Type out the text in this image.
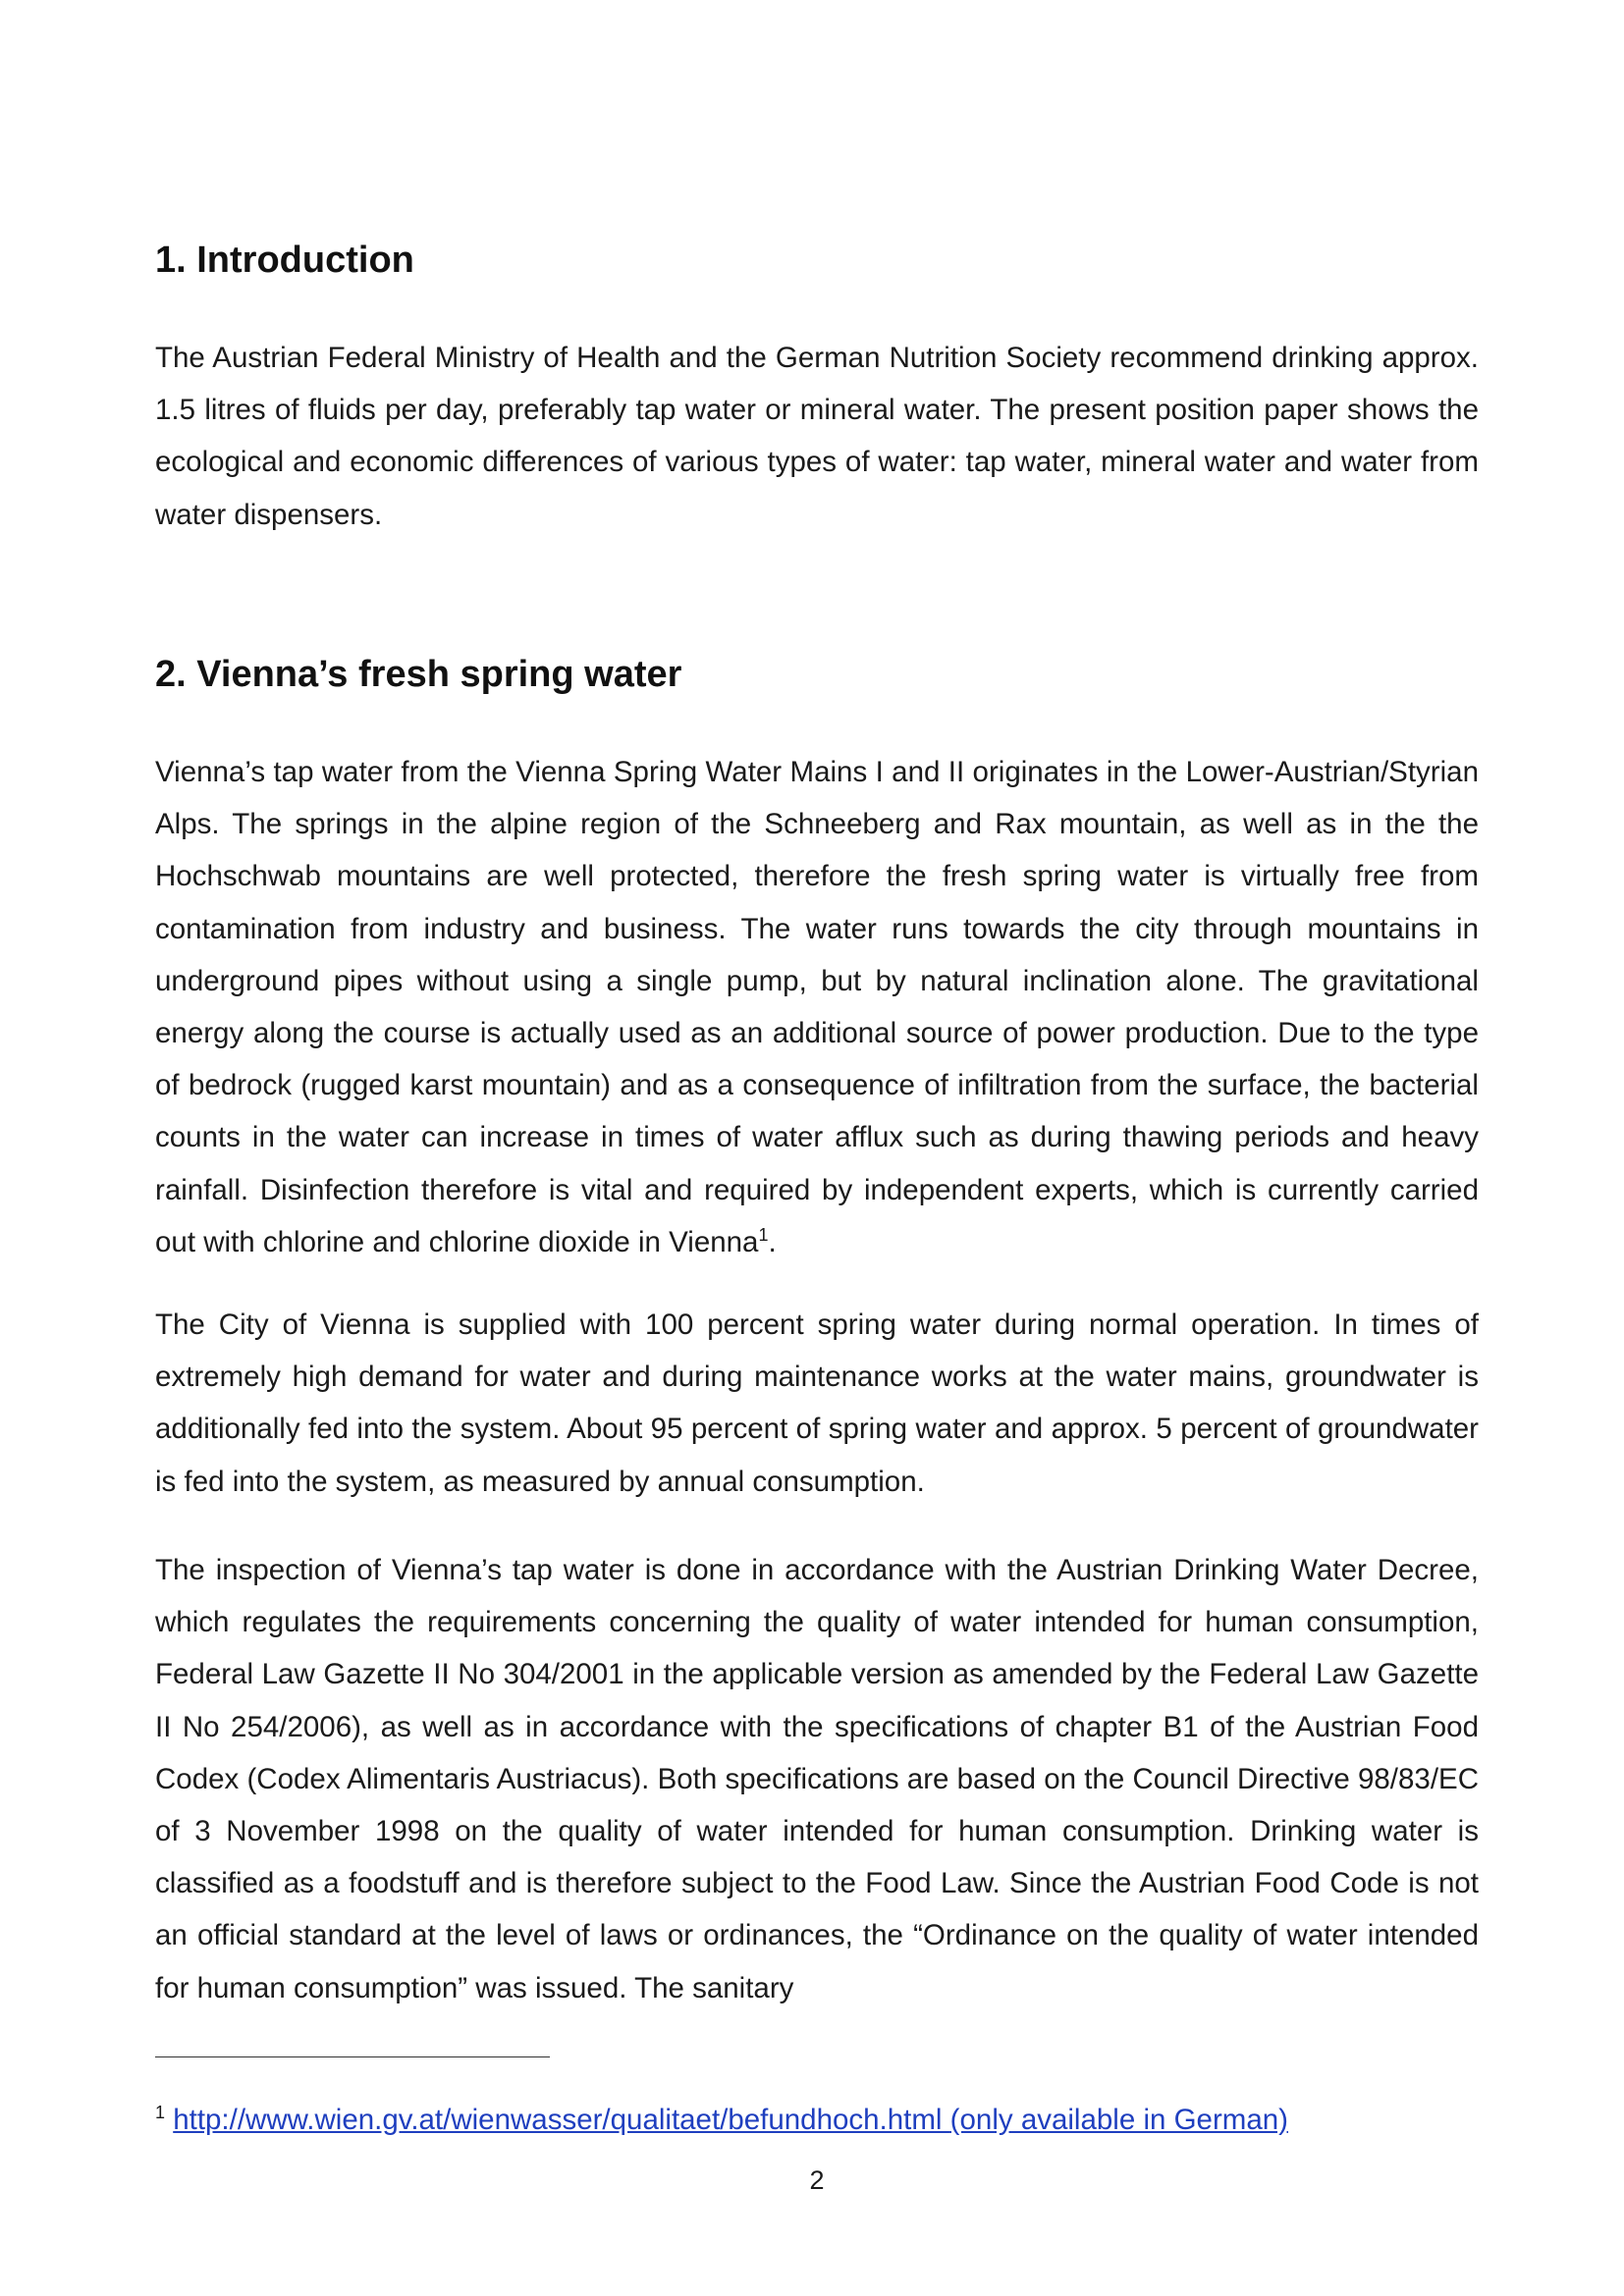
1. Introduction

The Austrian Federal Ministry of Health and the German Nutrition Society recommend drinking approx. 1.5 litres of fluids per day, preferably tap water or mineral water. The present position paper shows the ecological and economic differences of various types of water: tap water, mineral water and water from water dispensers.

2. Vienna’s fresh spring water

Vienna’s tap water from the Vienna Spring Water Mains I and II originates in the Lower-Austrian/Styrian Alps. The springs in the alpine region of the Schneeberg and Rax mountain, as well as in the the Hochschwab mountains are well protected, therefore the fresh spring water is virtually free from contamination from industry and business. The water runs towards the city through mountains in underground pipes without using a single pump, but by natural inclination alone. The gravitational energy along the course is actually used as an additional source of power production. Due to the type of bedrock (rugged karst mountain) and as a consequence of infiltration from the surface, the bacterial counts in the water can increase in times of water afflux such as during thawing periods and heavy rainfall. Disinfection therefore is vital and required by independent experts, which is currently carried out with chlorine and chlorine dioxide in Vienna$^1$.

The City of Vienna is supplied with 100 percent spring water during normal operation. In times of extremely high demand for water and during maintenance works at the water mains, groundwater is additionally fed into the system. About 95 percent of spring water and approx. 5 percent of groundwater is fed into the system, as measured by annual consumption.

The inspection of Vienna’s tap water is done in accordance with the Austrian Drinking Water Decree, which regulates the requirements concerning the quality of water intended for human consumption, Federal Law Gazette II No 304/2001 in the applicable version as amended by the Federal Law Gazette II No 254/2006), as well as in accordance with the specifications of chapter B1 of the Austrian Food Codex (Codex Alimentaris Austriacus). Both specifications are based on the Council Directive 98/83/EC of 3 November 1998 on the quality of water intended for human consumption. Drinking water is classified as a foodstuff and is therefore subject to the Food Law. Since the Austrian Food Code is not an official standard at the level of laws or ordinances, the “Ordinance on the quality of water intended for human consumption” was issued. The sanitary

$^1$ http://www.wien.gv.at/wienwasser/qualitaet/befundhoch.html (only available in German)
2
